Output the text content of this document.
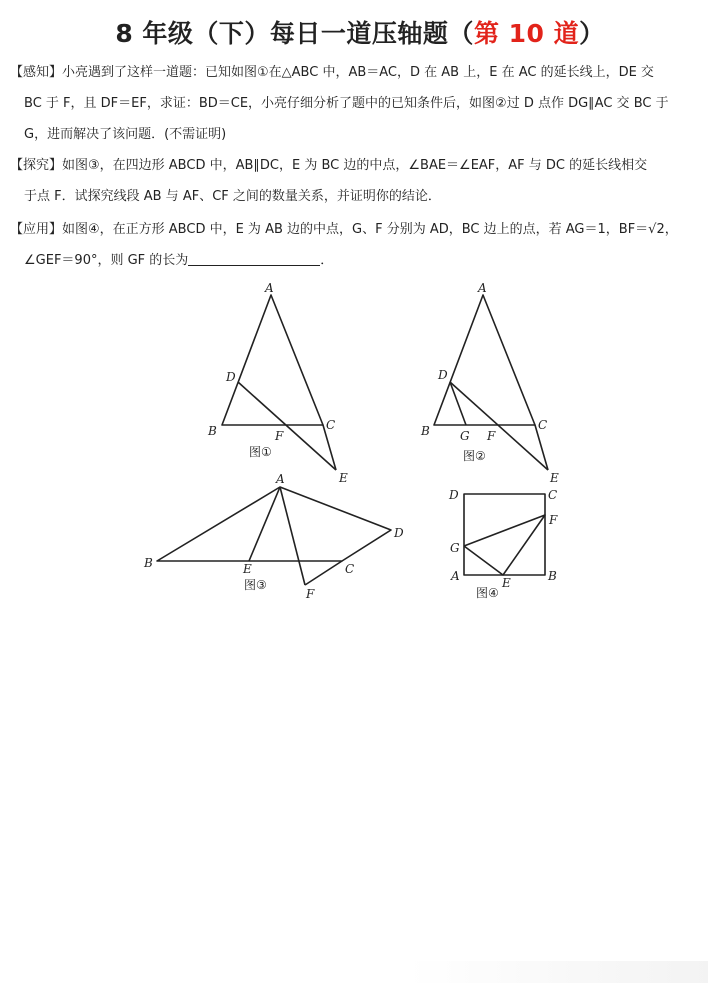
8 年级（下）每日一道压轴题（第 10 道）
【感知】小亮遇到了这样一道题：已知如图①在△ABC 中，AB＝AC，D 在 AB 上，E 在 AC 的延长线上，DE 交
BC 于 F，且 DF＝EF，求证：BD＝CE，小亮仔细分析了题中的已知条件后，如图②过 D 点作 DG∥AC 交 BC 于
G，进而解决了该问题．(不需证明)
【探究】如图③，在四边形 ABCD 中，AB∥DC，E 为 BC 边的中点，∠BAE＝∠EAF，AF 与 DC 的延长线相交
于点 F．试探究线段 AB 与 AF、CF 之间的数量关系，并证明你的结论．
【应用】如图④，在正方形 ABCD 中，E 为 AB 边的中点，G、F 分别为 AD，BC 边上的点，若 AG＝1，BF＝√2，
∠GEF＝90°，则 GF 的长为	．
A
B	C
D
E
F
图①
A
B	C
D
E
F
G
图②
A
B	C
D
E
F
图③
D	C
A	B
G
F
E
图④
